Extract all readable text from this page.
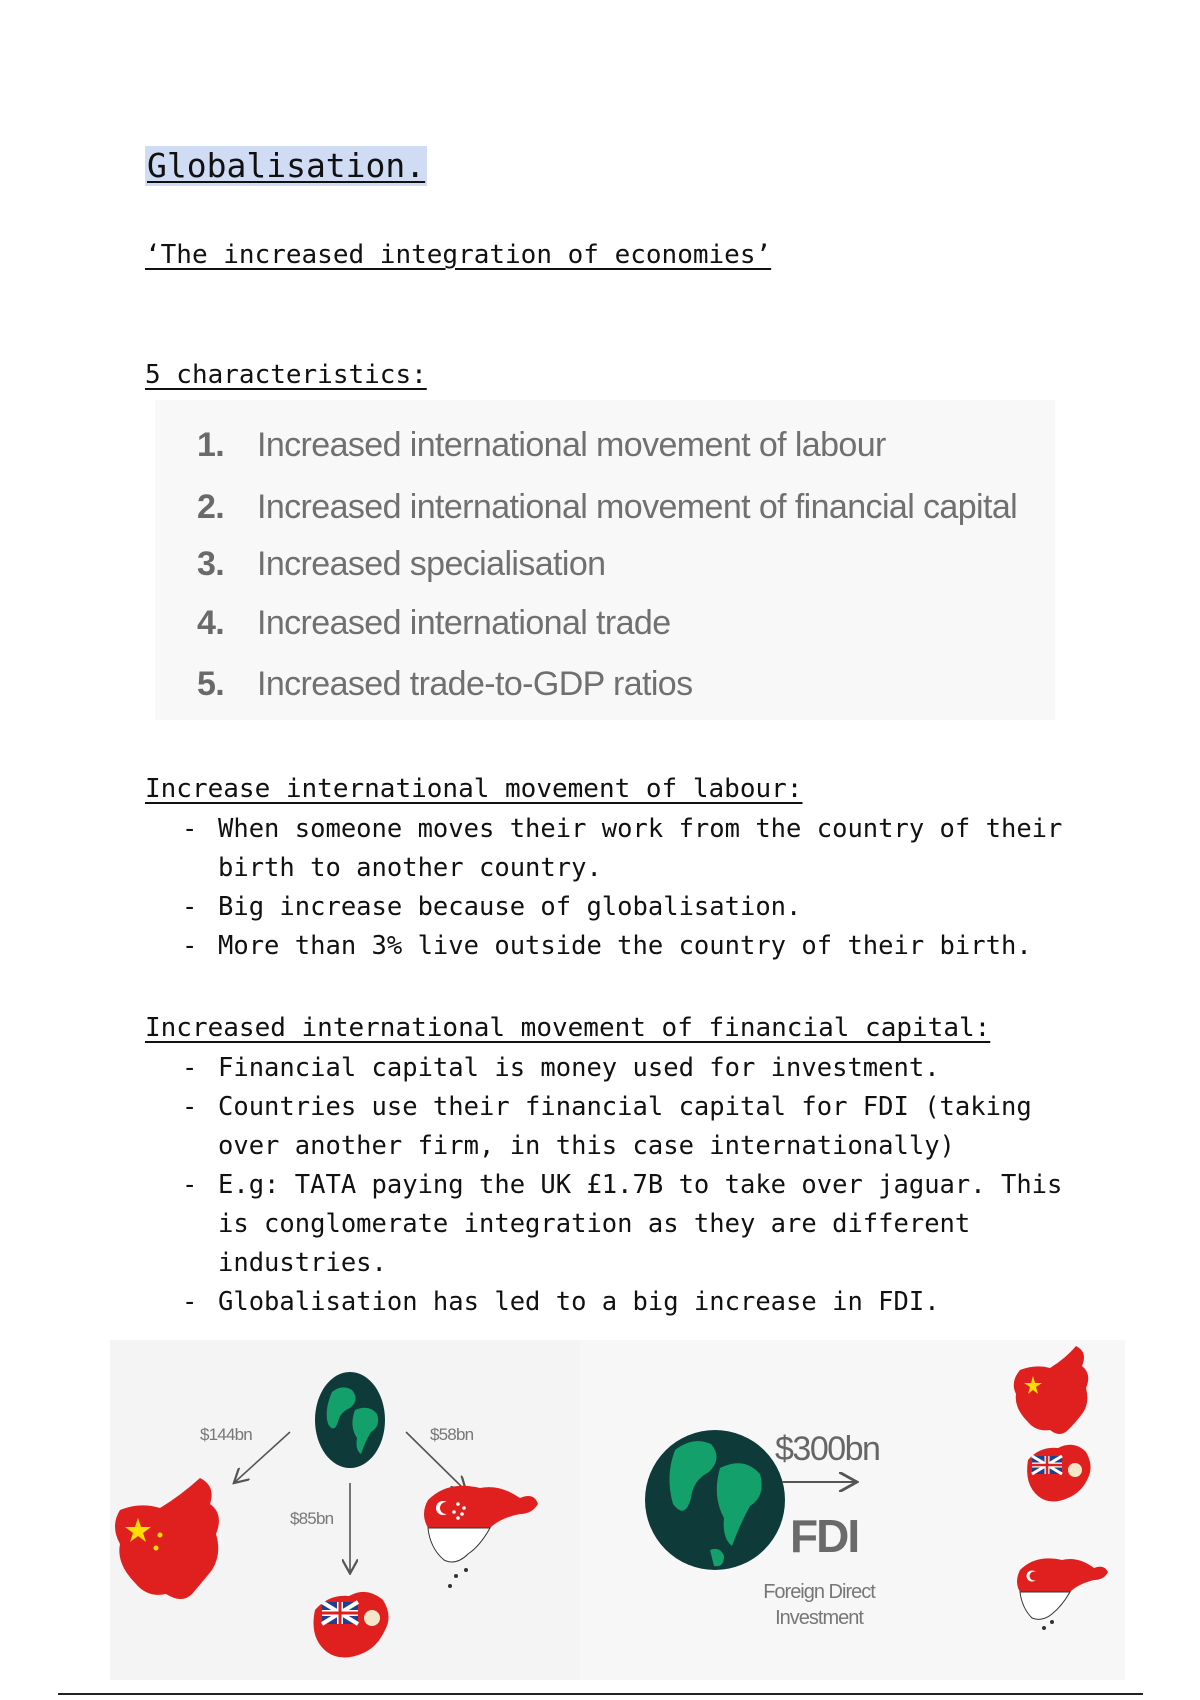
Globalisation.
‘The increased integration of economies’
5 characteristics:
1. Increased international movement of labour
2. Increased international movement of financial capital
3. Increased specialisation
4. Increased international trade
5. Increased trade-to-GDP ratios
Increase international movement of labour:
- When someone moves their work from the country of their birth to another country.
- Big increase because of globalisation.
- More than 3% live outside the country of their birth.
Increased international movement of financial capital:
- Financial capital is money used for investment.
- Countries use their financial capital for FDI (taking over another firm, in this case internationally)
- E.g: TATA paying the UK £1.7B to take over jaguar. This is conglomerate integration as they are different industries.
- Globalisation has led to a big increase in FDI.
$144bn
$85bn
$58bn	$300bn
FDI
Foreign Direct
Investment
